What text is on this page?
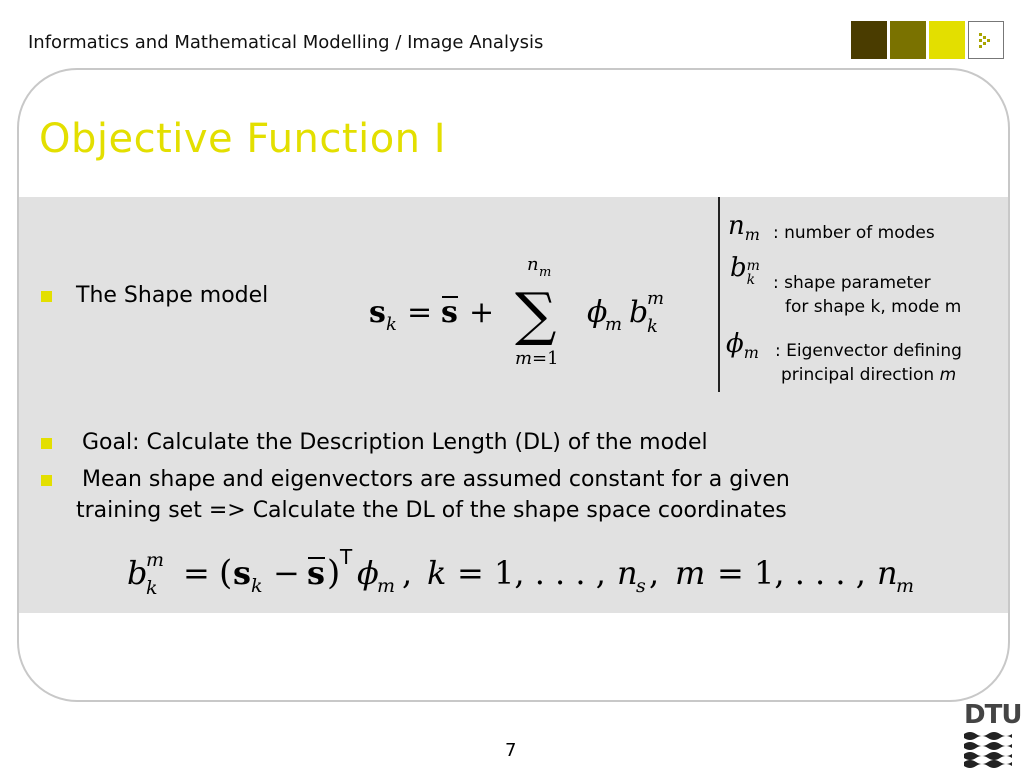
Informatics and Mathematical Modelling / Image Analysis
Objective Function I
The Shape model	s k = s +
n m
∑
m =1
ϕ
m b
m
k
$n_m$ : number of modes
bm
k : shape parameter
for shape k, mode m
$\phi_m$ : Eigenvector defining
principal direction m
Goal: Calculate the Description Length (DL) of the model
Mean shape and eigenvectors are assumed constant for a given
training set => Calculate the DL of the shape space coordinates
b
m
k = ( s k − s ) T ϕ
m , k = 1, . . . , n
s , m = 1, . . . , n
m
7
DTU
